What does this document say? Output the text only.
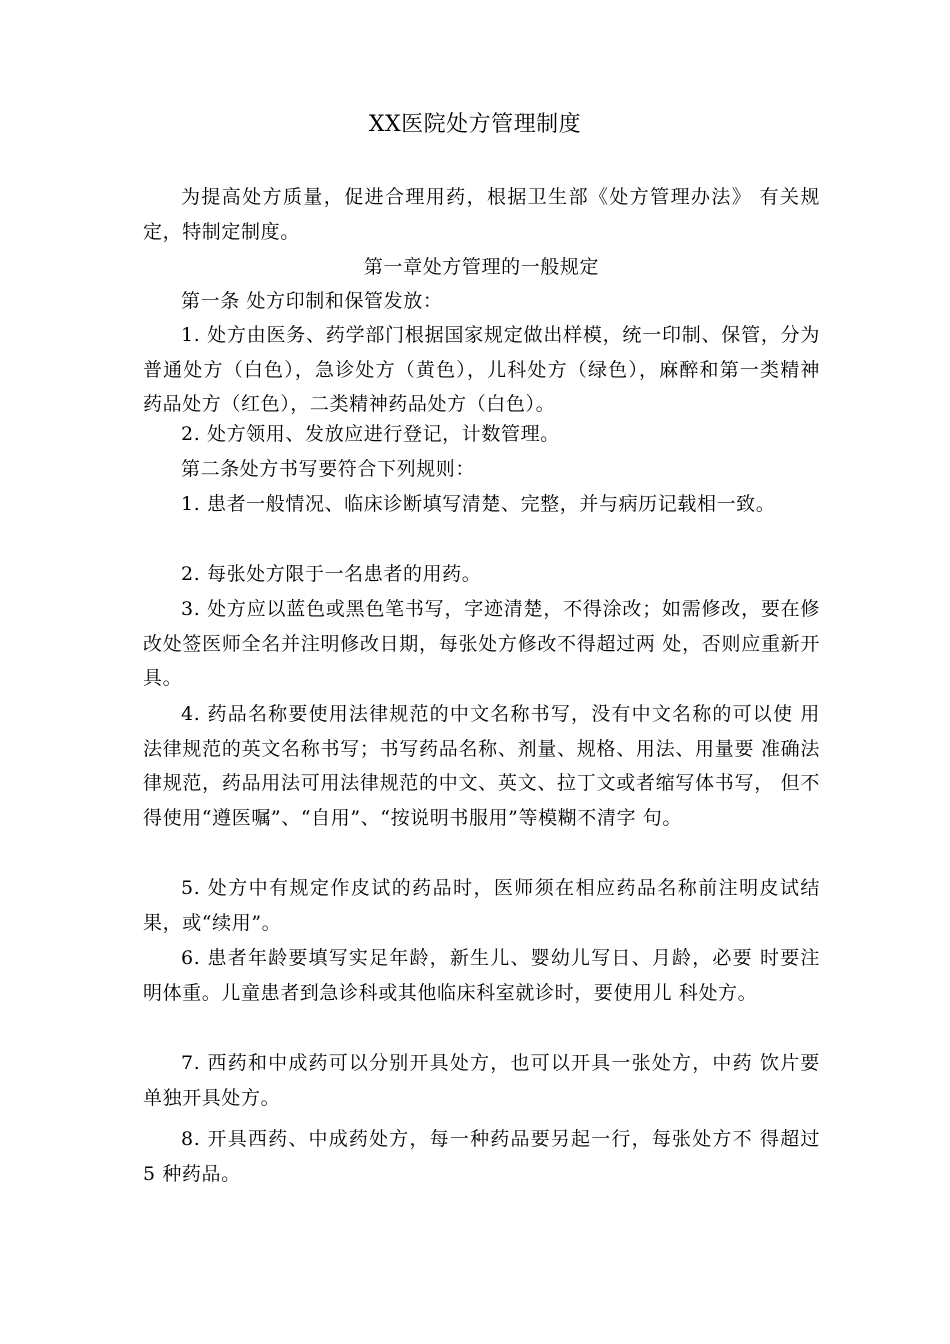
XX医院处方管理制度
为提高处方质量，促进合理用药，根据卫生部《处方管理办法》 有关规定，特制定制度。
第一章处方管理的一般规定
第一条 处方印制和保管发放：
1. 处方由医务、药学部门根据国家规定做出样模，统一印制、保管，分为普通处方（白色），急诊处方（黄色），儿科处方（绿色），麻醉和第一类精神药品处方（红色），二类精神药品处方（白色）。
2. 处方领用、发放应进行登记，计数管理。
第二条处方书写要符合下列规则：
1. 患者一般情况、临床诊断填写清楚、完整，并与病历记载相一致。
2. 每张处方限于一名患者的用药。
3. 处方应以蓝色或黑色笔书写，字迹清楚，不得涂改；如需修改，要在修改处签医师全名并注明修改日期，每张处方修改不得超过两 处，否则应重新开具。
4. 药品名称要使用法律规范的中文名称书写，没有中文名称的可以使 用法律规范的英文名称书写；书写药品名称、剂量、规格、用法、用量要 准确法律规范，药品用法可用法律规范的中文、英文、拉丁文或者缩写体书写， 但不得使用“遵医嘱”、“自用”、“按说明书服用”等模糊不清字 句。
5. 处方中有规定作皮试的药品时，医师须在相应药品名称前注明皮试结果，或“续用”。
6. 患者年龄要填写实足年龄，新生儿、婴幼儿写日、月龄，必要 时要注明体重。儿童患者到急诊科或其他临床科室就诊时，要使用儿 科处方。
7. 西药和中成药可以分别开具处方，也可以开具一张处方，中药 饮片要单独开具处方。
8. 开具西药、中成药处方，每一种药品要另起一行，每张处方不 得超过 5 种药品。
